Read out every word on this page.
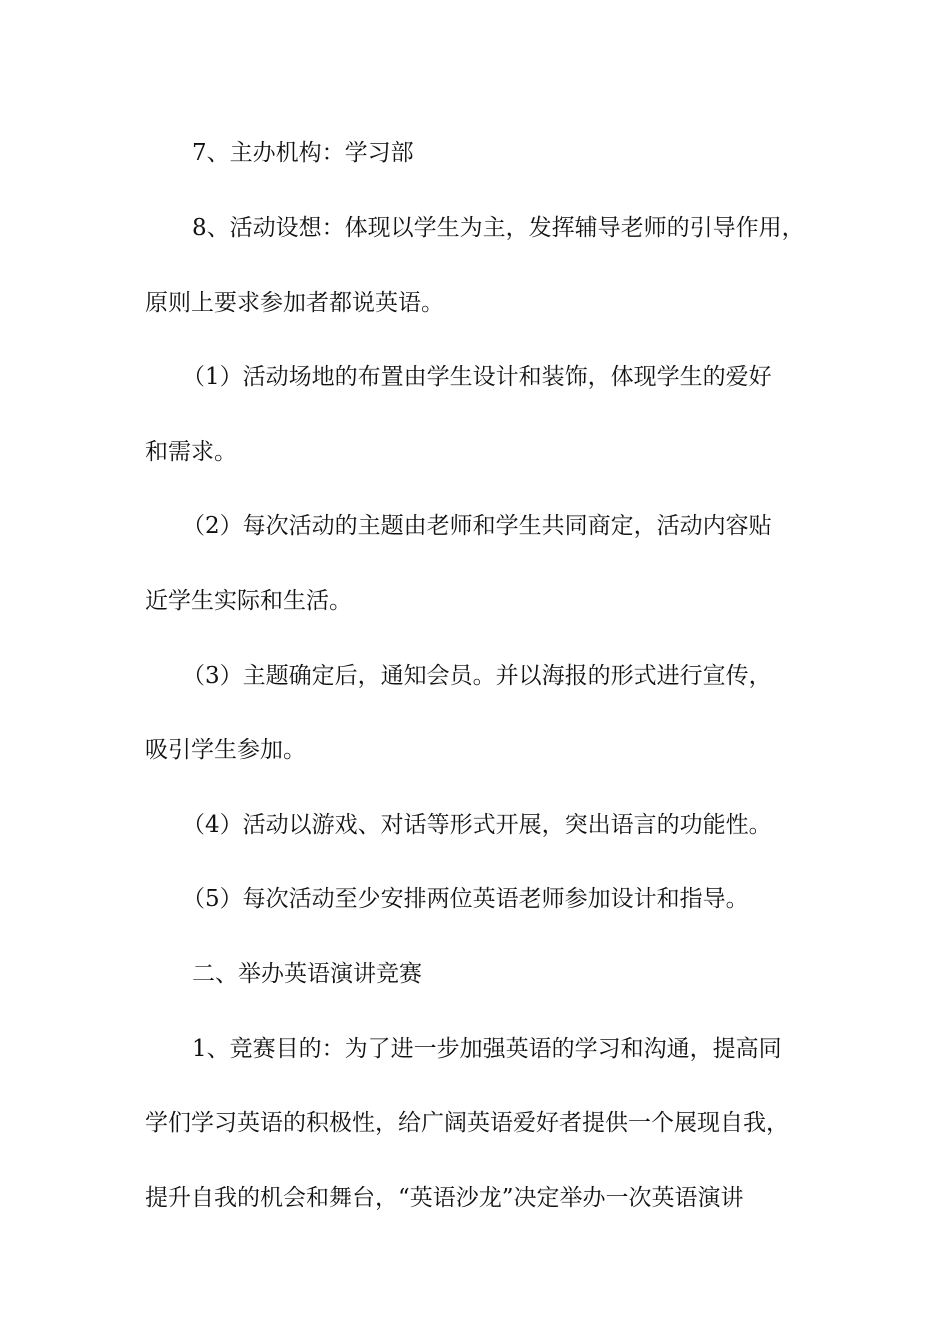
7、主办机构：学习部
8、活动设想：体现以学生为主，发挥辅导老师的引导作用，
原则上要求参加者都说英语。
（1）活动场地的布置由学生设计和装饰，体现学生的爱好
和需求。
（2）每次活动的主题由老师和学生共同商定，活动内容贴
近学生实际和生活。
（3）主题确定后，通知会员。并以海报的形式进行宣传，
吸引学生参加。
（4）活动以游戏、对话等形式开展，突出语言的功能性。
（5）每次活动至少安排两位英语老师参加设计和指导。
二、举办英语演讲竞赛
1、竞赛目的：为了进一步加强英语的学习和沟通，提高同
学们学习英语的积极性，给广阔英语爱好者提供一个展现自我，
提升自我的机会和舞台，“英语沙龙”决定举办一次英语演讲
